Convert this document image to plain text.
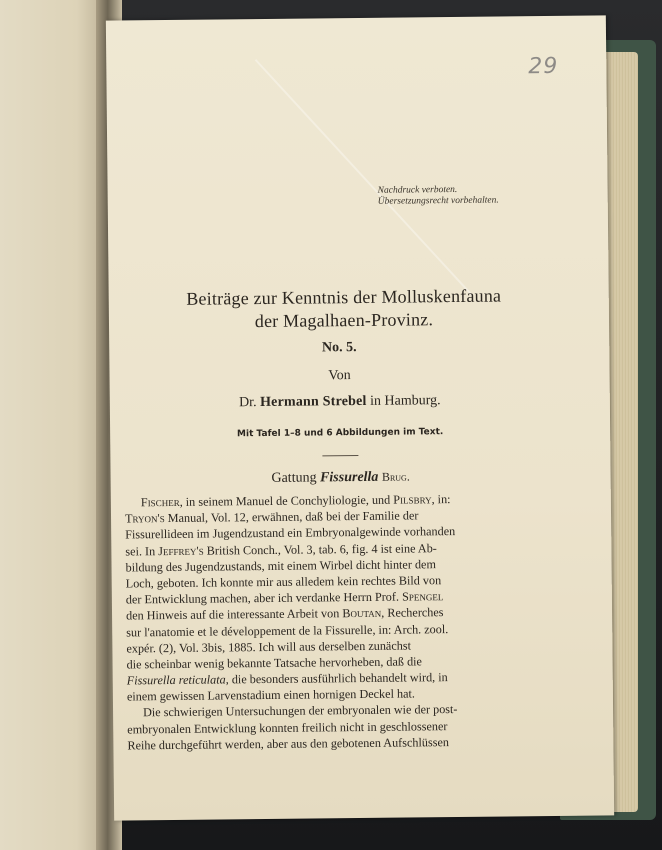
29
Nachdruck verboten.
Übersetzungsrecht vorbehalten.
Beiträge zur Kenntnis der Molluskenfauna
der Magalhaen-Provinz.
No. 5.
Von
Dr. Hermann Strebel in Hamburg.
Mit Tafel 1–8 und 6 Abbildungen im Text.
Gattung Fissurella Brug.
Fischer, in seinem Manuel de Conchyliologie, und Pilsbry, in:
Tryon's Manual, Vol. 12, erwähnen, daß bei der Familie der
Fissurellideen im Jugendzustand ein Embryonalgewinde vorhanden
sei. In Jeffrey's British Conch., Vol. 3, tab. 6, fig. 4 ist eine Ab-
bildung des Jugendzustands, mit einem Wirbel dicht hinter dem
Loch, geboten. Ich konnte mir aus alledem kein rechtes Bild von
der Entwicklung machen, aber ich verdanke Herrn Prof. Spengel
den Hinweis auf die interessante Arbeit von Boutan, Recherches
sur l'anatomie et le développement de la Fissurelle, in: Arch. zool.
expér. (2), Vol. 3bis, 1885. Ich will aus derselben zunächst
die scheinbar wenig bekannte Tatsache hervorheben, daß die
Fissurella reticulata, die besonders ausführlich behandelt wird, in
einem gewissen Larvenstadium einen hornigen Deckel hat.
Die schwierigen Untersuchungen der embryonalen wie der post-
embryonalen Entwicklung konnten freilich nicht in geschlossener
Reihe durchgeführt werden, aber aus den gebotenen Aufschlüssen
